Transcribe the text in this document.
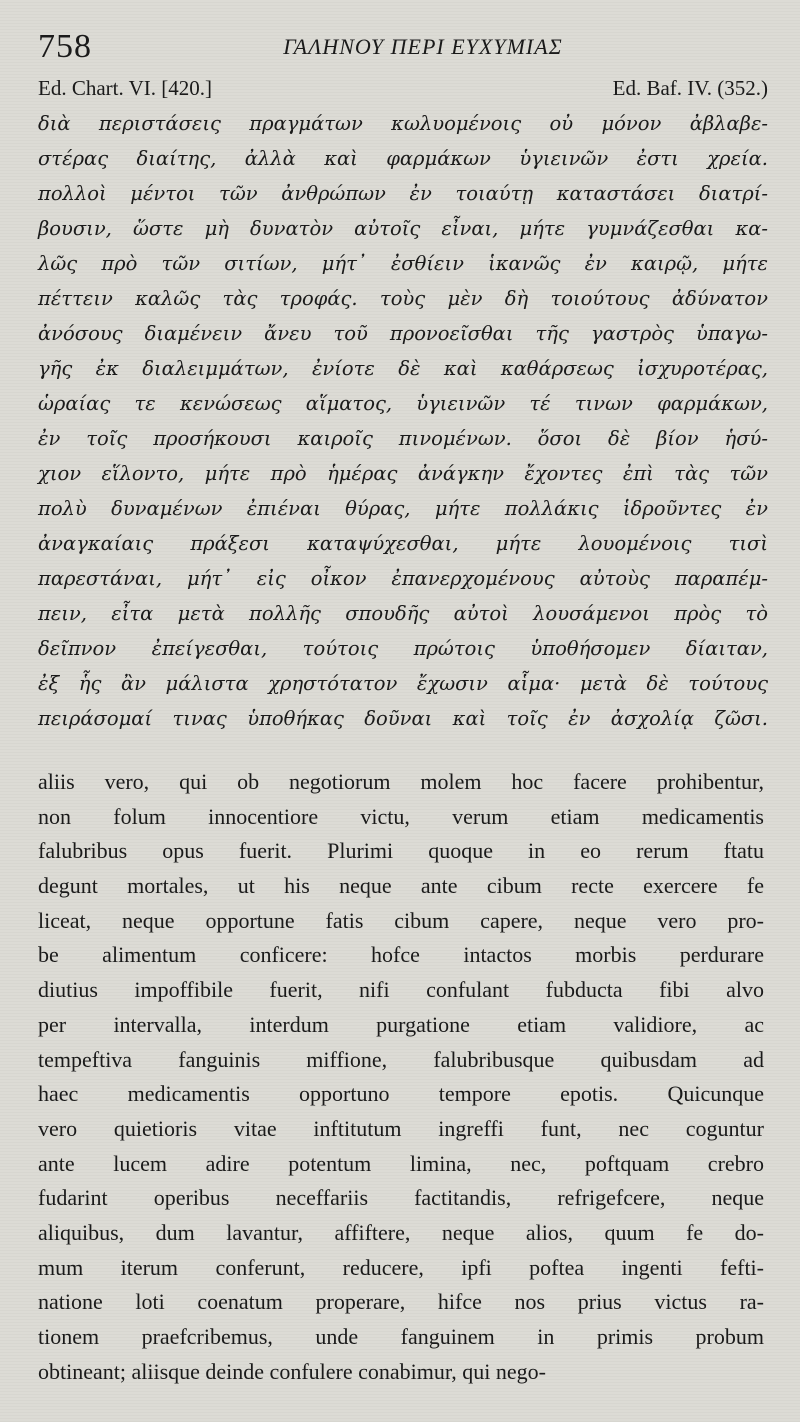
758	ΓΑΛΗΝΟΥ ΠΕΡΙ ΕΥΧΥΜΙΑΣ
Ed. Chart. VI. [420.]	Ed. Baf. IV. (352.)
διὰ περιστάσεις πραγμάτων κωλυομένοις οὐ μόνον ἀβλαβε-
στέρας διαίτης, ἀλλὰ καὶ φαρμάκων ὑγιεινῶν ἐστι χρεία.
πολλοὶ μέντοι τῶν ἀνθρώπων ἐν τοιαύτῃ καταστάσει διατρί-
βουσιν, ὥστε μὴ δυνατὸν αὐτοῖς εἶναι, μήτε γυμνάζεσθαι κα-
λῶς πρὸ τῶν σιτίων, μήτ᾽ ἐσθίειν ἱκανῶς ἐν καιρῷ, μήτε
πέττειν καλῶς τὰς τροφάς. τοὺς μὲν δὴ τοιούτους ἀδύνατον
ἀνόσους διαμένειν ἄνευ τοῦ προνοεῖσθαι τῆς γαστρὸς ὑπαγω-
γῆς ἐκ διαλειμμάτων, ἐνίοτε δὲ καὶ καθάρσεως ἰσχυροτέρας,
ὡραίας τε κενώσεως αἵματος, ὑγιεινῶν τέ τινων φαρμάκων,
ἐν τοῖς προσήκουσι καιροῖς πινομένων. ὅσοι δὲ βίον ἡσύ-
χιον εἵλοντο, μήτε πρὸ ἡμέρας ἀνάγκην ἔχοντες ἐπὶ τὰς τῶν
πολὺ δυναμένων ἐπιέναι θύρας, μήτε πολλάκις ἱδροῦντες ἐν
ἀναγκαίαις πράξεσι καταψύχεσθαι, μήτε λουομένοις τισὶ
παρεστάναι, μήτ᾽ εἰς οἶκον ἐπανερχομένους αὐτοὺς παραπέμ-
πειν, εἶτα μετὰ πολλῆς σπουδῆς αὐτοὶ λουσάμενοι πρὸς τὸ
δεῖπνον ἐπείγεσθαι, τούτοις πρώτοις ὑποθήσομεν δίαιταν,
ἐξ ἧς ἂν μάλιστα χρηστότατον ἔχωσιν αἷμα· μετὰ δὲ τούτους
πειράσομαί τινας ὑποθήκας δοῦναι καὶ τοῖς ἐν ἀσχολίᾳ ζῶσι.
aliis vero, qui ob negotiorum molem hoc facere prohibentur,
non folum innocentiore victu, verum etiam medicamentis
falubribus opus fuerit. Plurimi quoque in eo rerum ftatu
degunt mortales, ut his neque ante cibum recte exercere fe
liceat, neque opportune fatis cibum capere, neque vero pro-
be alimentum conficere: hofce intactos morbis perdurare
diutius impoffibile fuerit, nifi confulant fubducta fibi alvo
per intervalla, interdum purgatione etiam validiore, ac
tempeftiva fanguinis miffione, falubribusque quibusdam ad
haec medicamentis opportuno tempore epotis. Quicunque
vero quietioris vitae inftitutum ingreffi funt, nec coguntur
ante lucem adire potentum limina, nec, poftquam crebro
fudarint operibus neceffariis factitandis, refrigefcere, neque
aliquibus, dum lavantur, affiftere, neque alios, quum fe do-
mum iterum conferunt, reducere, ipfi poftea ingenti fefti-
natione loti coenatum properare, hifce nos prius victus ra-
tionem praefcribemus, unde fanguinem in primis probum
obtineant; aliisque deinde confulere conabimur, qui nego-
